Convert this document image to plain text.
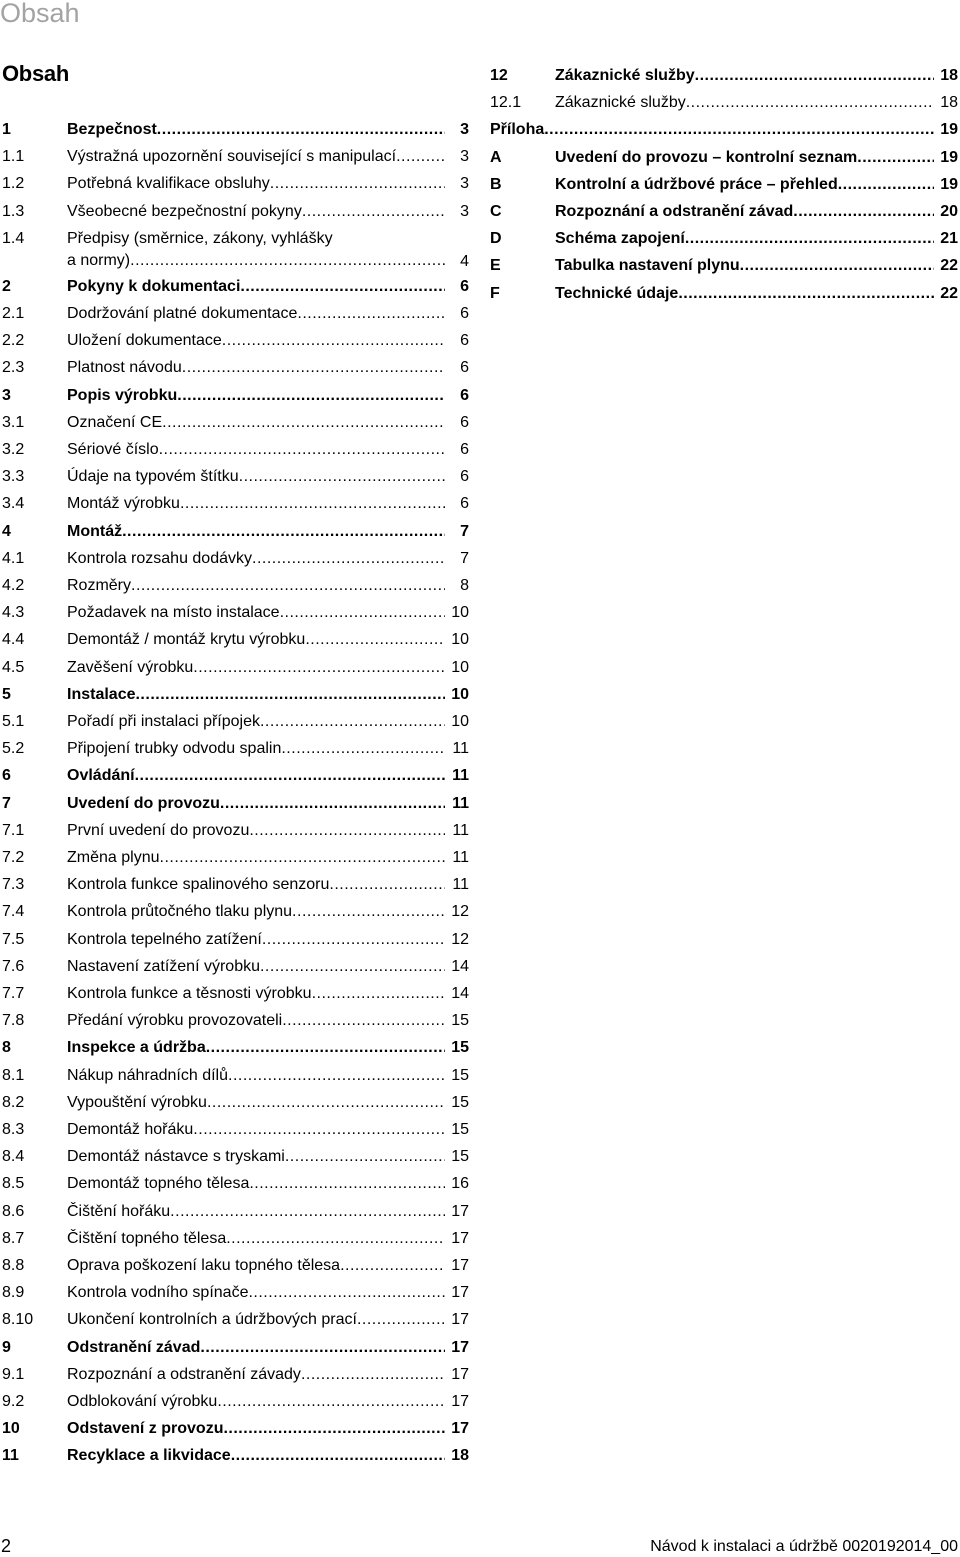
Obsah
Obsah
1	Bezpečnost .....	3
1.1	Výstražná upozornění související s manipulací .....	3
1.2	Potřebná kvalifikace obsluhy .....	3
1.3	Všeobecné bezpečnostní pokyny .....	3
1.4	Předpisy (směrnice, zákony, vyhlášky
a normy) .....	4
2	Pokyny k dokumentaci .....	6
2.1	Dodržování platné dokumentace .....	6
2.2	Uložení dokumentace .....	6
2.3	Platnost návodu .....	6
3	Popis výrobku .....	6
3.1	Označení CE .....	6
3.2	Sériové číslo .....	6
3.3	Údaje na typovém štítku .....	6
3.4	Montáž výrobku .....	6
4	Montáž .....	7
4.1	Kontrola rozsahu dodávky .....	7
4.2	Rozměry .....	8
4.3	Požadavek na místo instalace .....	10
4.4	Demontáž / montáž krytu výrobku .....	10
4.5	Zavěšení výrobku .....	10
5	Instalace .....	10
5.1	Pořadí při instalaci přípojek .....	10
5.2	Připojení trubky odvodu spalin .....	11
6	Ovládání .....	11
7	Uvedení do provozu .....	11
7.1	První uvedení do provozu .....	11
7.2	Změna plynu .....	11
7.3	Kontrola funkce spalinového senzoru .....	11
7.4	Kontrola průtočného tlaku plynu .....	12
7.5	Kontrola tepelného zatížení .....	12
7.6	Nastavení zatížení výrobku .....	14
7.7	Kontrola funkce a těsnosti výrobku .....	14
7.8	Předání výrobku provozovateli .....	15
8	Inspekce a údržba .....	15
8.1	Nákup náhradních dílů .....	15
8.2	Vypouštění výrobku .....	15
8.3	Demontáž hořáku .....	15
8.4	Demontáž nástavce s tryskami .....	15
8.5	Demontáž topného tělesa .....	16
8.6	Čištění hořáku .....	17
8.7	Čištění topného tělesa .....	17
8.8	Oprava poškození laku topného tělesa .....	17
8.9	Kontrola vodního spínače .....	17
8.10	Ukončení kontrolních a údržbových prací .....	17
9	Odstranění závad .....	17
9.1	Rozpoznání a odstranění závady .....	17
9.2	Odblokování výrobku .....	17
10	Odstavení z provozu .....	17
11	Recyklace a likvidace .....	18
12	Zákaznické služby .....	18
12.1	Zákaznické služby .....	18
Příloha .....	19
A	Uvedení do provozu – kontrolní seznam .....	19
B	Kontrolní a údržbové práce – přehled .....	19
C	Rozpoznání a odstranění závad .....	20
D	Schéma zapojení .....	21
E	Tabulka nastavení plynu .....	22
F	Technické údaje .....	22
2	Návod k instalaci a údržbě 0020192014_00
